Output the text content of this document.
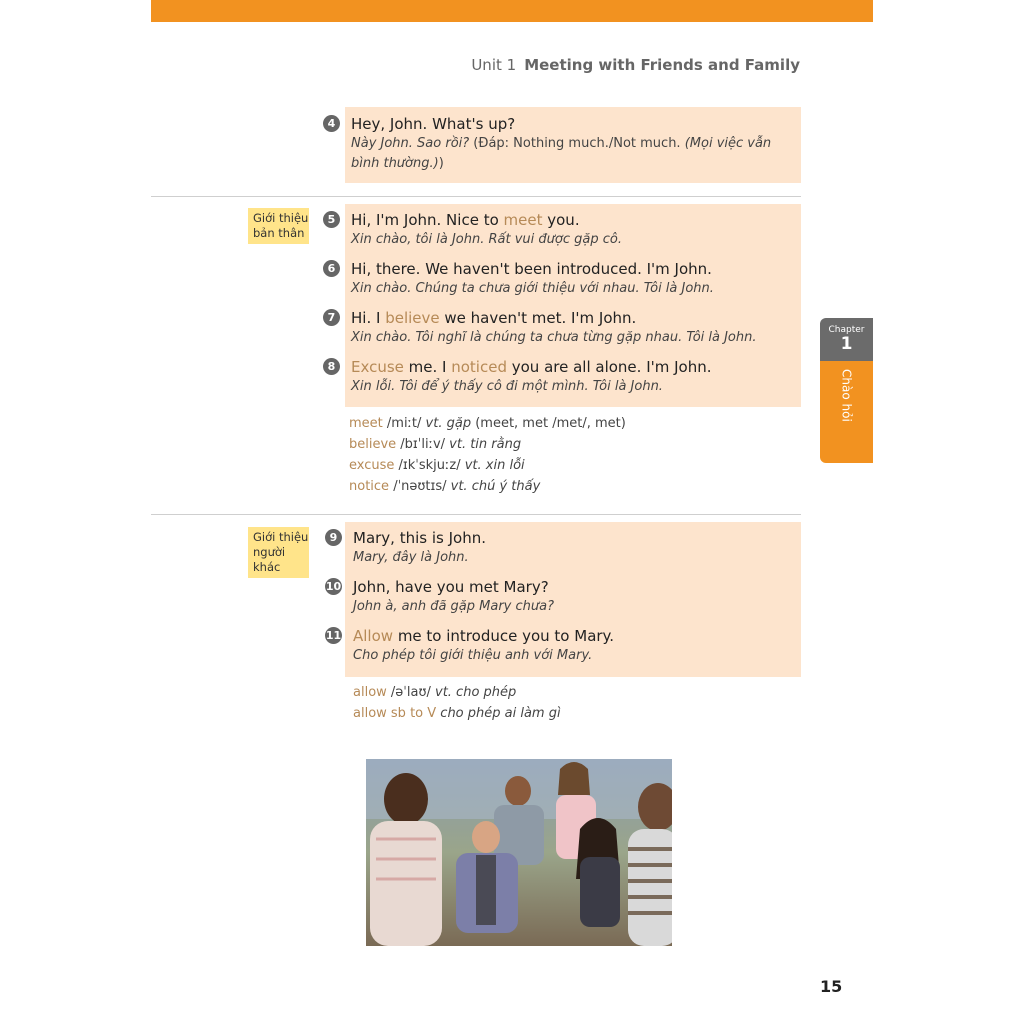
Unit 1 Meeting with Friends and Family
4	Hey, John. What's up?
Này John. Sao rồi? (Đáp: Nothing much./Not much. (Mọi việc vẫn bình thường.))
Giới thiệu bản thân
5	Hi, I'm John. Nice to meet you.
Xin chào, tôi là John. Rất vui được gặp cô.
6	Hi, there. We haven't been introduced. I'm John.
Xin chào. Chúng ta chưa giới thiệu với nhau. Tôi là John.
7	Hi. I believe we haven't met. I'm John.
Xin chào. Tôi nghĩ là chúng ta chưa từng gặp nhau. Tôi là John.
8	Excuse me. I noticed you are all alone. I'm John.
Xin lỗi. Tôi để ý thấy cô đi một mình. Tôi là John.
meet /miːt/ vt. gặp (meet, met /met/, met)
believe /bɪˈliːv/ vt. tin rằng
excuse /ɪkˈskjuːz/ vt. xin lỗi
notice /ˈnəʊtɪs/ vt. chú ý thấy
Giới thiệu người khác
9	Mary, this is John.
Mary, đây là John.
10 John, have you met Mary?
John à, anh đã gặp Mary chưa?
11 Allow me to introduce you to Mary.
Cho phép tôi giới thiệu anh với Mary.
allow /əˈlaʊ/ vt. cho phép
allow sb to V cho phép ai làm gì
Chapter
1
Chào hỏi
15
